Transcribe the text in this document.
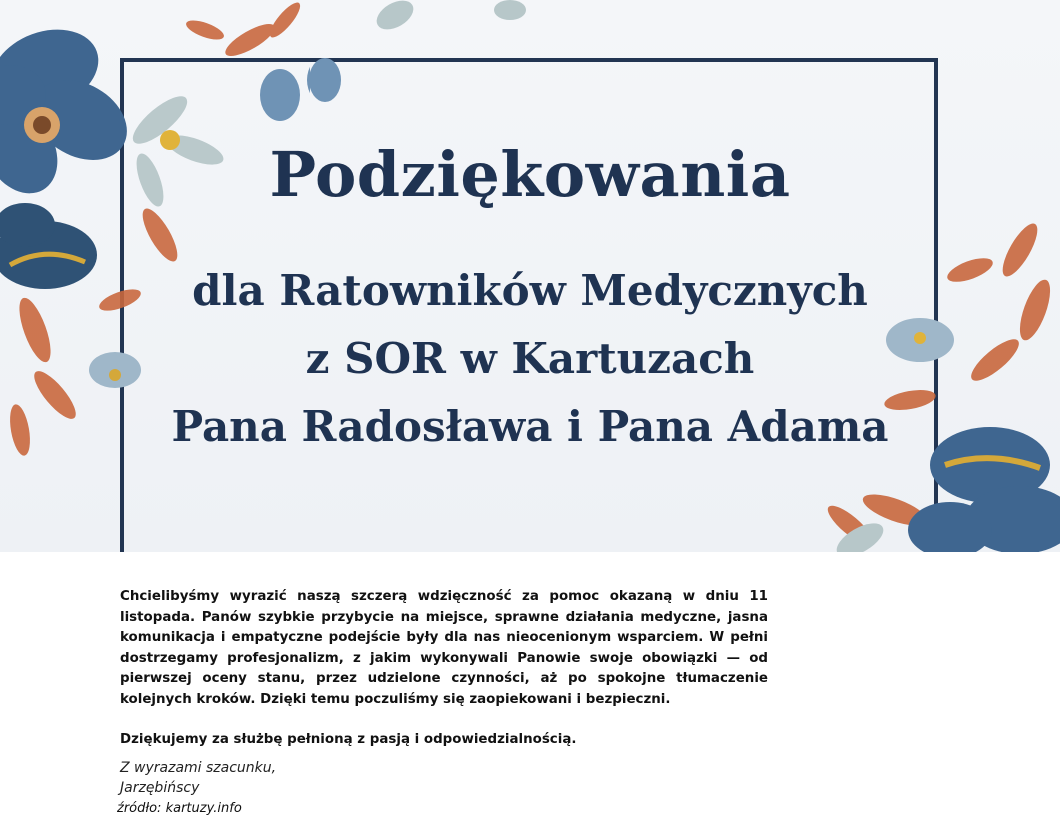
Podziękowania
dla Ratowników Medycznych
z SOR w Kartuzach
Pana Radosława i Pana Adama

Chcielibyśmy wyrazić naszą szczerą wdzięczność za pomoc okazaną w dniu 11 listopada. Panów szybkie przybycie na miejsce, sprawne działania medyczne, jasna komunikacja i empatyczne podejście były dla nas nieocenionym wsparciem. W pełni dostrzegamy profesjonalizm, z jakim wykonywali Panowie swoje obowiązki — od pierwszej oceny stanu, przez udzielone czynności, aż po spokojne tłumaczenie kolejnych kroków. Dzięki temu poczuliśmy się zaopiekowani i bezpieczni.

Dziękujemy za służbę pełnioną z pasją i odpowiedzialnością.

Z wyrazami szacunku,
Jarzębińscy
źródło: kartuzy.info
